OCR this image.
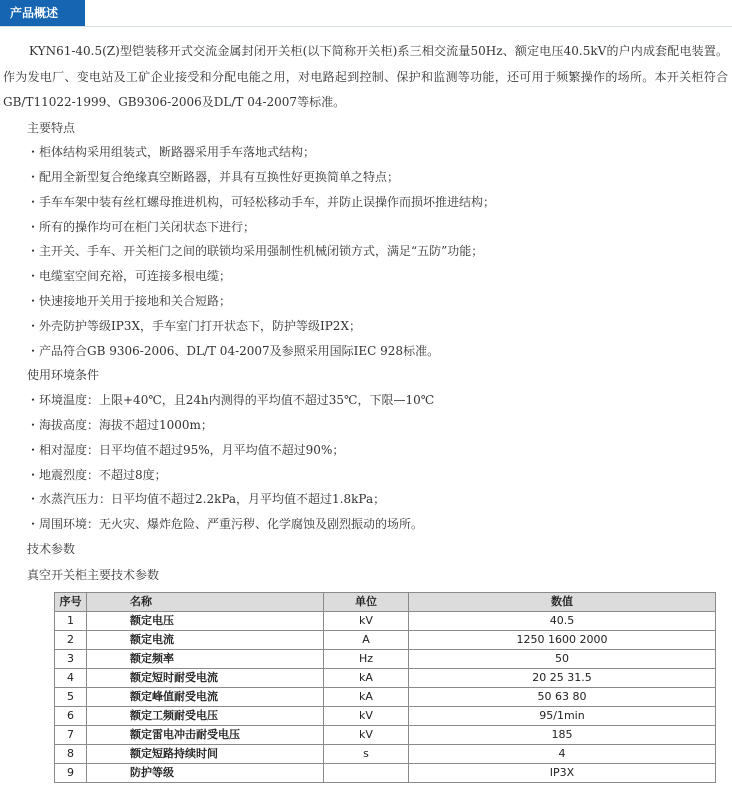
产品概述

KYN61-40.5(Z)型铠装移开式交流金属封闭开关柜(以下简称开关柜)系三相交流量50Hz、额定电压40.5kV的户内成套配电装置。作为发电厂、变电站及工矿企业接受和分配电能之用，对电路起到控制、保护和监测等功能，还可用于频繁操作的场所。本开关柜符合GB/T11022-1999、GB9306-2006及DL/T 04-2007等标准。

主要特点

・柜体结构采用组装式，断路器采用手车落地式结构；

・配用全新型复合绝缘真空断路器，并具有互换性好更换简单之特点；

・手车车架中装有丝杠螺母推进机构，可轻松移动手车，并防止误操作而损坏推进结构；

・所有的操作均可在柜门关闭状态下进行；

・主开关、手车、开关柜门之间的联锁均采用强制性机械闭锁方式，满足“五防”功能；

・电缆室空间充裕，可连接多根电缆；

・快速接地开关用于接地和关合短路；

・外壳防护等级IP3X，手车室门打开状态下，防护等级IP2X；

・产品符合GB 9306-2006、DL/T 04-2007及参照采用国际IEC 928标准。

使用环境条件

・环境温度：上限+40℃，且24h内测得的平均值不超过35℃，下限—10℃

・海拔高度：海拔不超过1000m；

・相对湿度：日平均值不超过95%，月平均值不超过90%；

・地震烈度：不超过8度；

・水蒸汽压力：日平均值不超过2.2kPa，月平均值不超过1.8kPa；

・周围环境：无火灾、爆炸危险、严重污秽、化学腐蚀及剧烈振动的场所。

技术参数

真空开关柜主要技术参数

序号	名称	单位	数值
1	额定电压	kV	40.5
2	额定电流	A	1250 1600 2000
3	额定频率	Hz	50
4	额定短时耐受电流	kA	20 25 31.5
5	额定峰值耐受电流	kA	50 63 80
6	额定工频耐受电压	kV	95/1min
7	额定雷电冲击耐受电压	kV	185
8	额定短路持续时间	s	4
9	防护等级		IP3X
